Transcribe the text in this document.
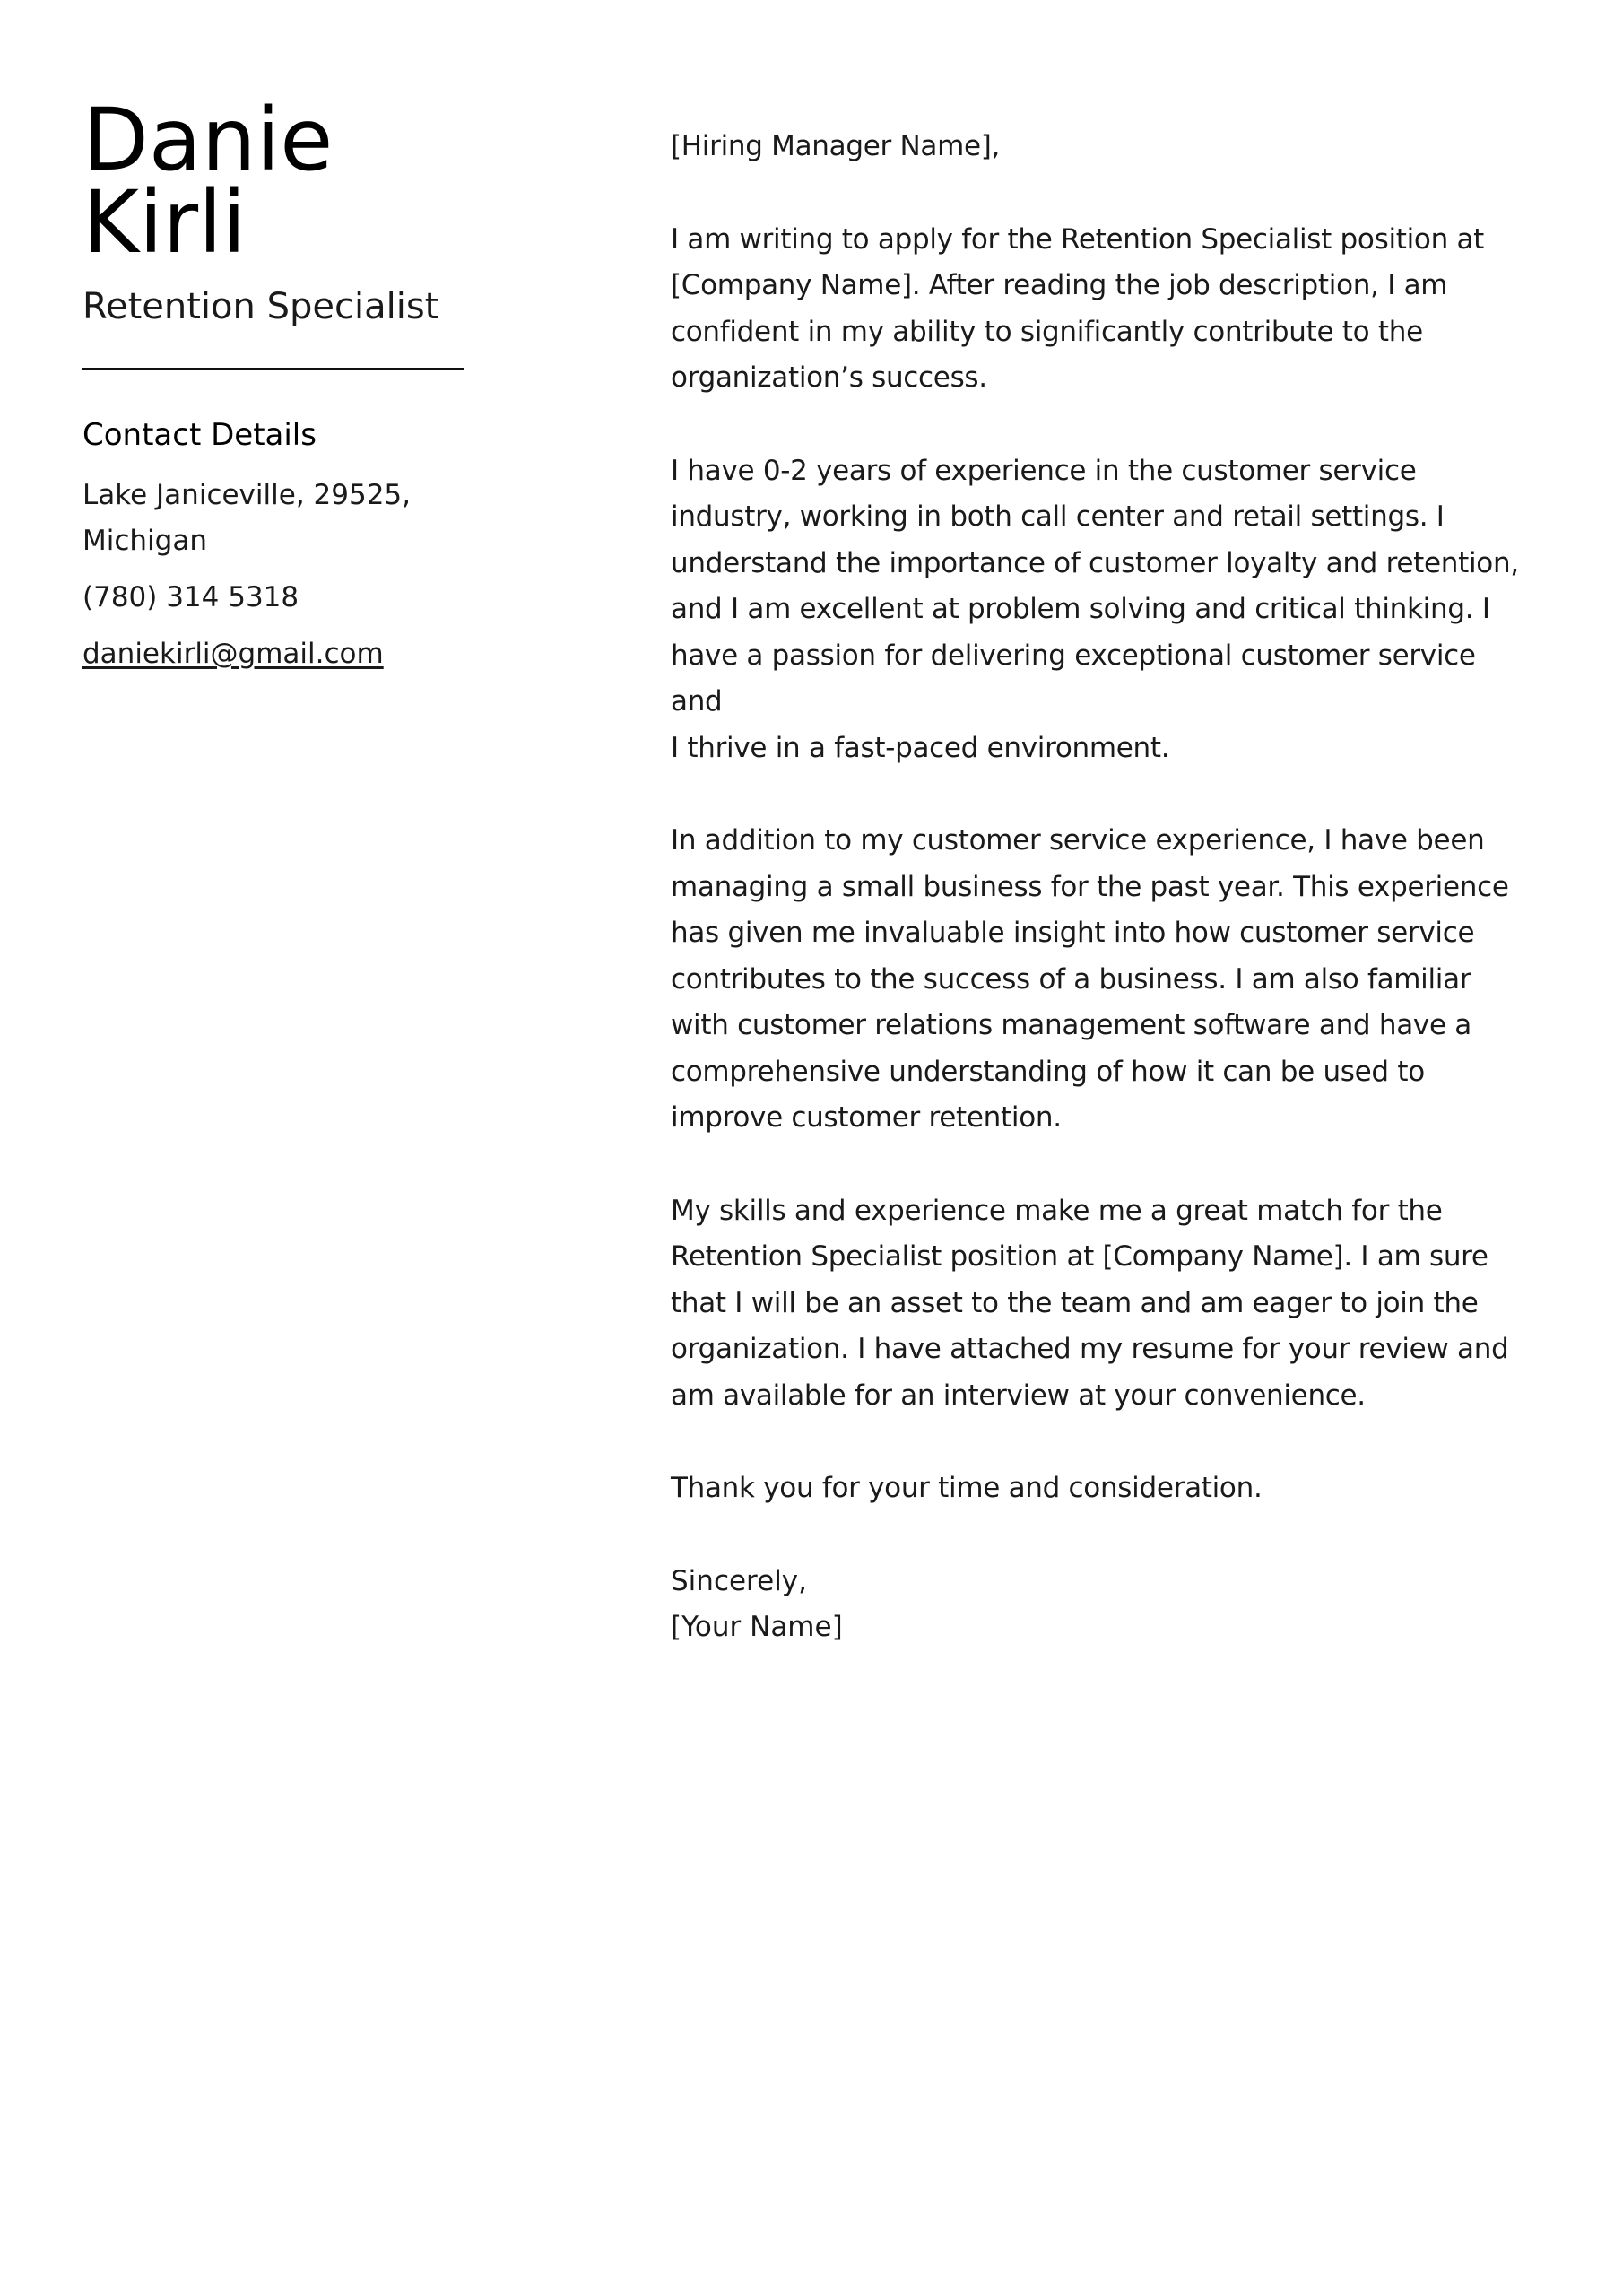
Danie
Kirli
Retention Specialist
Contact Details
Lake Janiceville, 29525, Michigan
(780) 314 5318
daniekirli@gmail.com

[Hiring Manager Name],

I am writing to apply for the Retention Specialist position at
[Company Name]. After reading the job description, I am
confident in my ability to significantly contribute to the
organization’s success.

I have 0-2 years of experience in the customer service
industry, working in both call center and retail settings. I
understand the importance of customer loyalty and retention,
and I am excellent at problem solving and critical thinking. I
have a passion for delivering exceptional customer service and
I thrive in a fast-paced environment.

In addition to my customer service experience, I have been
managing a small business for the past year. This experience
has given me invaluable insight into how customer service
contributes to the success of a business. I am also familiar
with customer relations management software and have a
comprehensive understanding of how it can be used to
improve customer retention.

My skills and experience make me a great match for the
Retention Specialist position at [Company Name]. I am sure
that I will be an asset to the team and am eager to join the
organization. I have attached my resume for your review and
am available for an interview at your convenience.

Thank you for your time and consideration.

Sincerely,

[Your Name]
